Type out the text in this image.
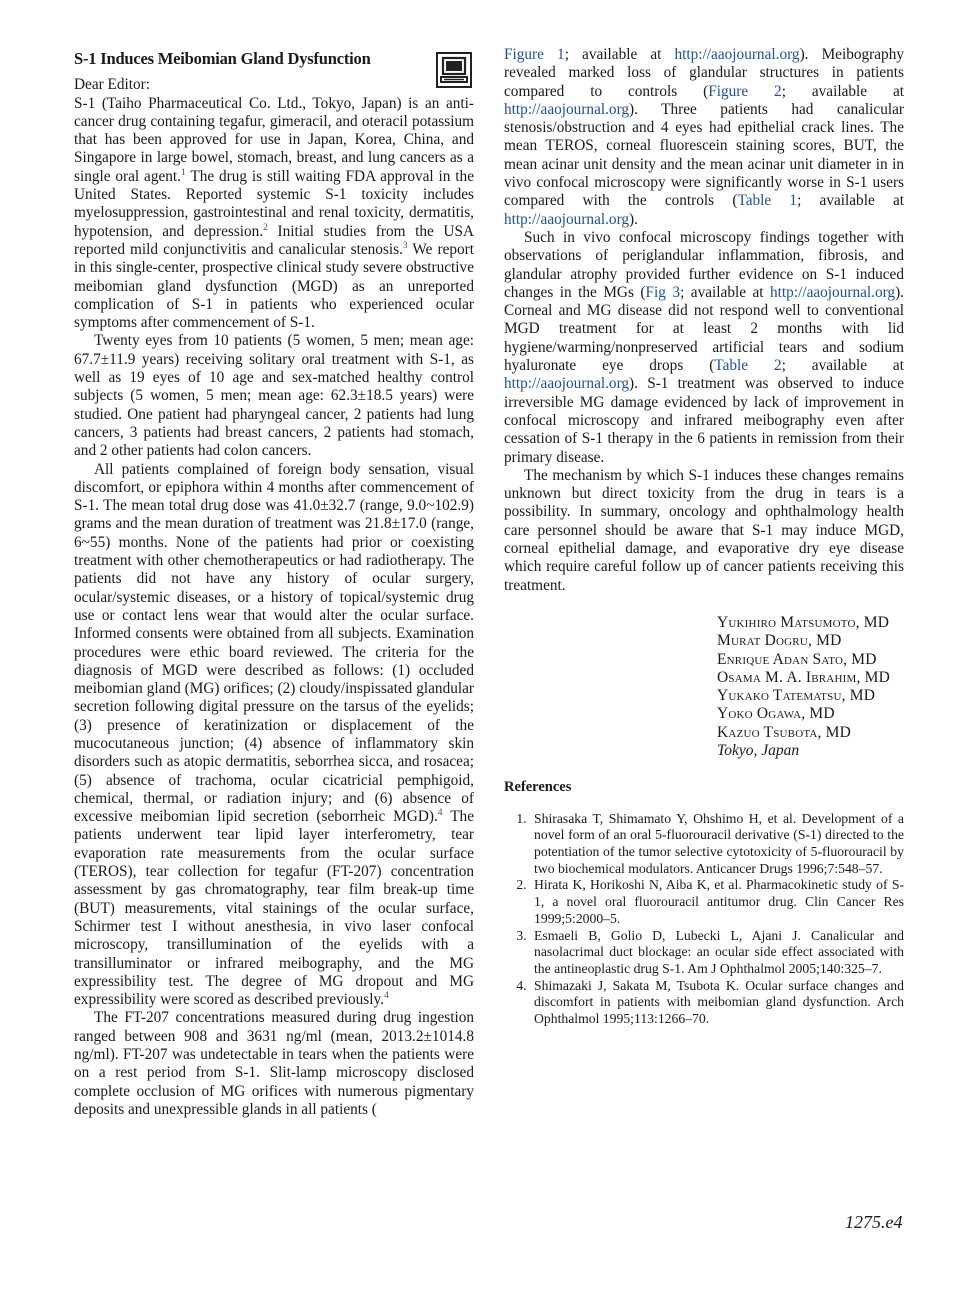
S-1 Induces Meibomian Gland Dysfunction

Dear Editor:

S-1 (Taiho Pharmaceutical Co. Ltd., Tokyo, Japan) is an anti-cancer drug containing tegafur, gimeracil, and oteracil potassium that has been approved for use in Japan, Korea, China, and Singapore in large bowel, stomach, breast, and lung cancers as a single oral agent.$^1$ The drug is still waiting FDA approval in the United States. Reported systemic S-1 toxicity includes myelosuppression, gastrointestinal and renal toxicity, dermatitis, hypotension, and depression.$^2$ Initial studies from the USA reported mild conjunctivitis and canalicular stenosis.$^3$ We report in this single-center, prospective clinical study severe obstructive meibomian gland dysfunction (MGD) as an unreported complication of S-1 in patients who experienced ocular symptoms after commencement of S-1.

Twenty eyes from 10 patients (5 women, 5 men; mean age: 67.7±11.9 years) receiving solitary oral treatment with S-1, as well as 19 eyes of 10 age and sex-matched healthy control subjects (5 women, 5 men; mean age: 62.3±18.5 years) were studied. One patient had pharyngeal cancer, 2 patients had lung cancers, 3 patients had breast cancers, 2 patients had stomach, and 2 other patients had colon cancers.

All patients complained of foreign body sensation, visual discomfort, or epiphora within 4 months after commencement of S-1. The mean total drug dose was 41.0±32.7 (range, 9.0~102.9) grams and the mean duration of treatment was 21.8±17.0 (range, 6~55) months. None of the patients had prior or coexisting treatment with other chemotherapeutics or had radiotherapy. The patients did not have any history of ocular surgery, ocular/systemic diseases, or a history of topical/systemic drug use or contact lens wear that would alter the ocular surface. Informed consents were obtained from all subjects. Examination procedures were ethic board reviewed. The criteria for the diagnosis of MGD were described as follows: (1) occluded meibomian gland (MG) orifices; (2) cloudy/inspissated glandular secretion following digital pressure on the tarsus of the eyelids; (3) presence of keratinization or displacement of the mucocutaneous junction; (4) absence of inflammatory skin disorders such as atopic dermatitis, seborrhea sicca, and rosacea; (5) absence of trachoma, ocular cicatricial pemphigoid, chemical, thermal, or radiation injury; and (6) absence of excessive meibomian lipid secretion (seborrheic MGD).$^4$ The patients underwent tear lipid layer interferometry, tear evaporation rate measurements from the ocular surface (TEROS), tear collection for tegafur (FT-207) concentration assessment by gas chromatography, tear film break-up time (BUT) measurements, vital stainings of the ocular surface, Schirmer test I without anesthesia, in vivo laser confocal microscopy, transillumination of the eyelids with a transilluminator or infrared meibography, and the MG expressibility test. The degree of MG dropout and MG expressibility were scored as described previously.$^4$

The FT-207 concentrations measured during drug ingestion ranged between 908 and 3631 ng/ml (mean, 2013.2±1014.8 ng/ml). FT-207 was undetectable in tears when the patients were on a rest period from S-1. Slit-lamp microscopy disclosed complete occlusion of MG orifices with numerous pigmentary deposits and unexpressible glands in all patients (

Figure 1; available at http://aaojournal.org). Meibography revealed marked loss of glandular structures in patients compared to controls (Figure 2; available at http://aaojournal.org). Three patients had canalicular stenosis/obstruction and 4 eyes had epithelial crack lines. The mean TEROS, corneal fluorescein staining scores, BUT, the mean acinar unit density and the mean acinar unit diameter in in vivo confocal microscopy were significantly worse in S-1 users compared with the controls (Table 1; available at http://aaojournal.org).

Such in vivo confocal microscopy findings together with observations of periglandular inflammation, fibrosis, and glandular atrophy provided further evidence on S-1 induced changes in the MGs (Fig 3; available at http://aaojournal.org). Corneal and MG disease did not respond well to conventional MGD treatment for at least 2 months with lid hygiene/warming/nonpreserved artificial tears and sodium hyaluronate eye drops (Table 2; available at http://aaojournal.org). S-1 treatment was observed to induce irreversible MG damage evidenced by lack of improvement in confocal microscopy and infrared meibography even after cessation of S-1 therapy in the 6 patients in remission from their primary disease.

The mechanism by which S-1 induces these changes remains unknown but direct toxicity from the drug in tears is a possibility. In summary, oncology and ophthalmology health care personnel should be aware that S-1 may induce MGD, corneal epithelial damage, and evaporative dry eye disease which require careful follow up of cancer patients receiving this treatment.

Yukihiro Matsumoto, MD
Murat Dogru, MD
Enrique Adan Sato, MD
Osama M. A. Ibrahim, MD
Yukako Tatematsu, MD
Yoko Ogawa, MD
Kazuo Tsubota, MD
Tokyo, Japan
References
1. Shirasaka T, Shimamato Y, Ohshimo H, et al. Development of a novel form of an oral 5-fluorouracil derivative (S-1) directed to the potentiation of the tumor selective cytotoxicity of 5-fluorouracil by two biochemical modulators. Anticancer Drugs 1996;7:548–57.
2. Hirata K, Horikoshi N, Aiba K, et al. Pharmacokinetic study of S-1, a novel oral fluorouracil antitumor drug. Clin Cancer Res 1999;5:2000–5.
3. Esmaeli B, Golio D, Lubecki L, Ajani J. Canalicular and nasolacrimal duct blockage: an ocular side effect associated with the antineoplastic drug S-1. Am J Ophthalmol 2005;140:325–7.
4. Shimazaki J, Sakata M, Tsubota K. Ocular surface changes and discomfort in patients with meibomian gland dysfunction. Arch Ophthalmol 1995;113:1266–70.
1275.e4
